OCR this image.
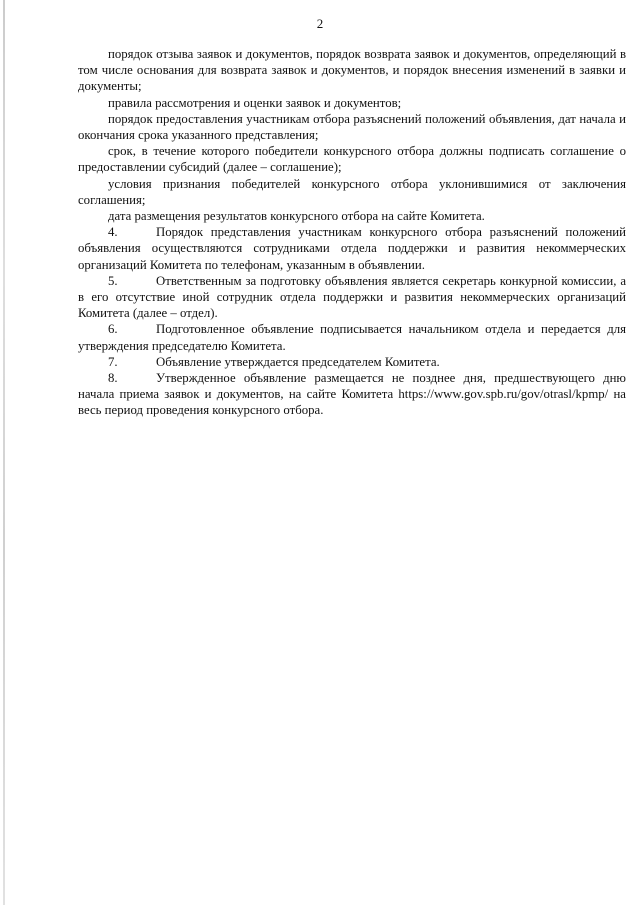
2

порядок отзыва заявок и документов, порядок возврата заявок и документов, определяющий в том числе основания для возврата заявок и документов, и порядок внесения изменений в заявки и документы;

правила рассмотрения и оценки заявок и документов;

порядок предоставления участникам отбора разъяснений положений объявления, дат начала и окончания срока указанного представления;

срок, в течение которого победители конкурсного отбора должны подписать соглашение о предоставлении субсидий (далее – соглашение);

условия признания победителей конкурсного отбора уклонившимися от заключения соглашения;

дата размещения результатов конкурсного отбора на сайте Комитета.

4.	Порядок представления участникам конкурсного отбора разъяснений положений объявления осуществляются сотрудниками отдела поддержки и развития некоммерческих организаций Комитета по телефонам, указанным в объявлении.

5.	Ответственным за подготовку объявления является секретарь конкурной комиссии, а в его отсутствие иной сотрудник отдела поддержки и развития некоммерческих организаций Комитета (далее – отдел).

6.	Подготовленное объявление подписывается начальником отдела и передается для утверждения председателю Комитета.

7.	Объявление утверждается председателем Комитета.

8.	Утвержденное объявление размещается не позднее дня, предшествующего дню начала приема заявок и документов, на сайте Комитета https://www.gov.spb.ru/gov/otrasl/kpmp/ на весь период проведения конкурсного отбора.
